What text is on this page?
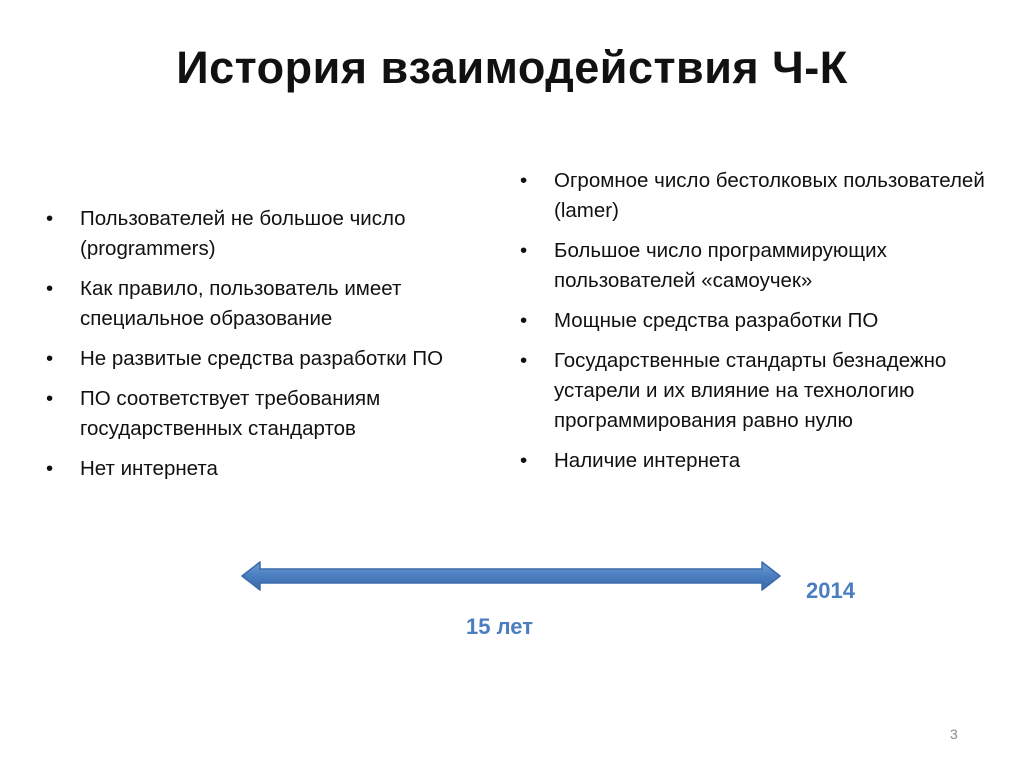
История взаимодействия Ч-К
• Пользователей не большое число (programmers)
• Как правило, пользователь имеет специальное образование
• Не развитые средства разработки ПО
• ПО соответствует требованиям государственных стандартов
• Нет интернета
• Огромное число бестолковых пользователей (lamer)
• Большое число программирующих пользователей «самоучек»
• Мощные средства разработки ПО
• Государственные стандарты безнадежно устарели и их влияние на технологию программирования равно нулю
• Наличие интернета
2014
15 лет
3
